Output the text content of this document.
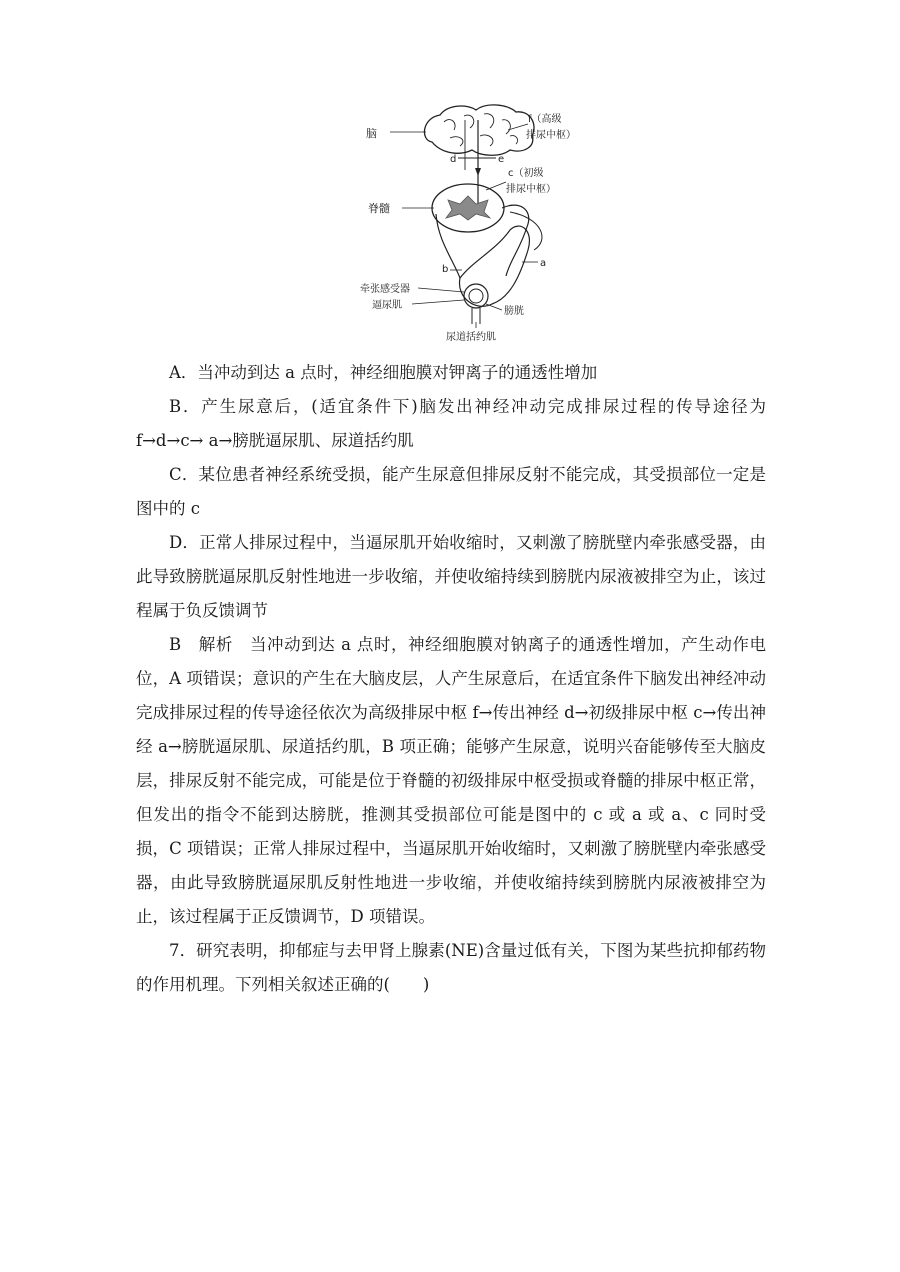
脑
f（高级
排尿中枢）
d	e
c（初级
排尿中枢）
脊髓
a
b
牵张感受器
逼尿肌
膀胱
尿道括约肌

A．当冲动到达 a 点时，神经细胞膜对钾离子的通透性增加

B．产生尿意后，(适宜条件下)脑发出神经冲动完成排尿过程的传导途径为 f→d→c→ a→膀胱逼尿肌、尿道括约肌

C．某位患者神经系统受损，能产生尿意但排尿反射不能完成，其受损部位一定是图中的 c

D．正常人排尿过程中，当逼尿肌开始收缩时，又刺激了膀胱壁内牵张感受器，由此导致膀胱逼尿肌反射性地进一步收缩，并使收缩持续到膀胱内尿液被排空为止，该过程属于负反馈调节

B　解析　当冲动到达 a 点时，神经细胞膜对钠离子的通透性增加，产生动作电位，A 项错误；意识的产生在大脑皮层，人产生尿意后，在适宜条件下脑发出神经冲动完成排尿过程的传导途径依次为高级排尿中枢 f→传出神经 d→初级排尿中枢 c→传出神经 a→膀胱逼尿肌、尿道括约肌，B 项正确；能够产生尿意，说明兴奋能够传至大脑皮层，排尿反射不能完成，可能是位于脊髓的初级排尿中枢受损或脊髓的排尿中枢正常，但发出的指令不能到达膀胱，推测其受损部位可能是图中的 c 或 a 或 a、c 同时受损，C 项错误；正常人排尿过程中，当逼尿肌开始收缩时，又刺激了膀胱壁内牵张感受器，由此导致膀胱逼尿肌反射性地进一步收缩，并使收缩持续到膀胱内尿液被排空为止，该过程属于正反馈调节，D 项错误。

7．研究表明，抑郁症与去甲肾上腺素(NE)含量过低有关，下图为某些抗抑郁药物的作用机理。下列相关叙述正确的(　　)
